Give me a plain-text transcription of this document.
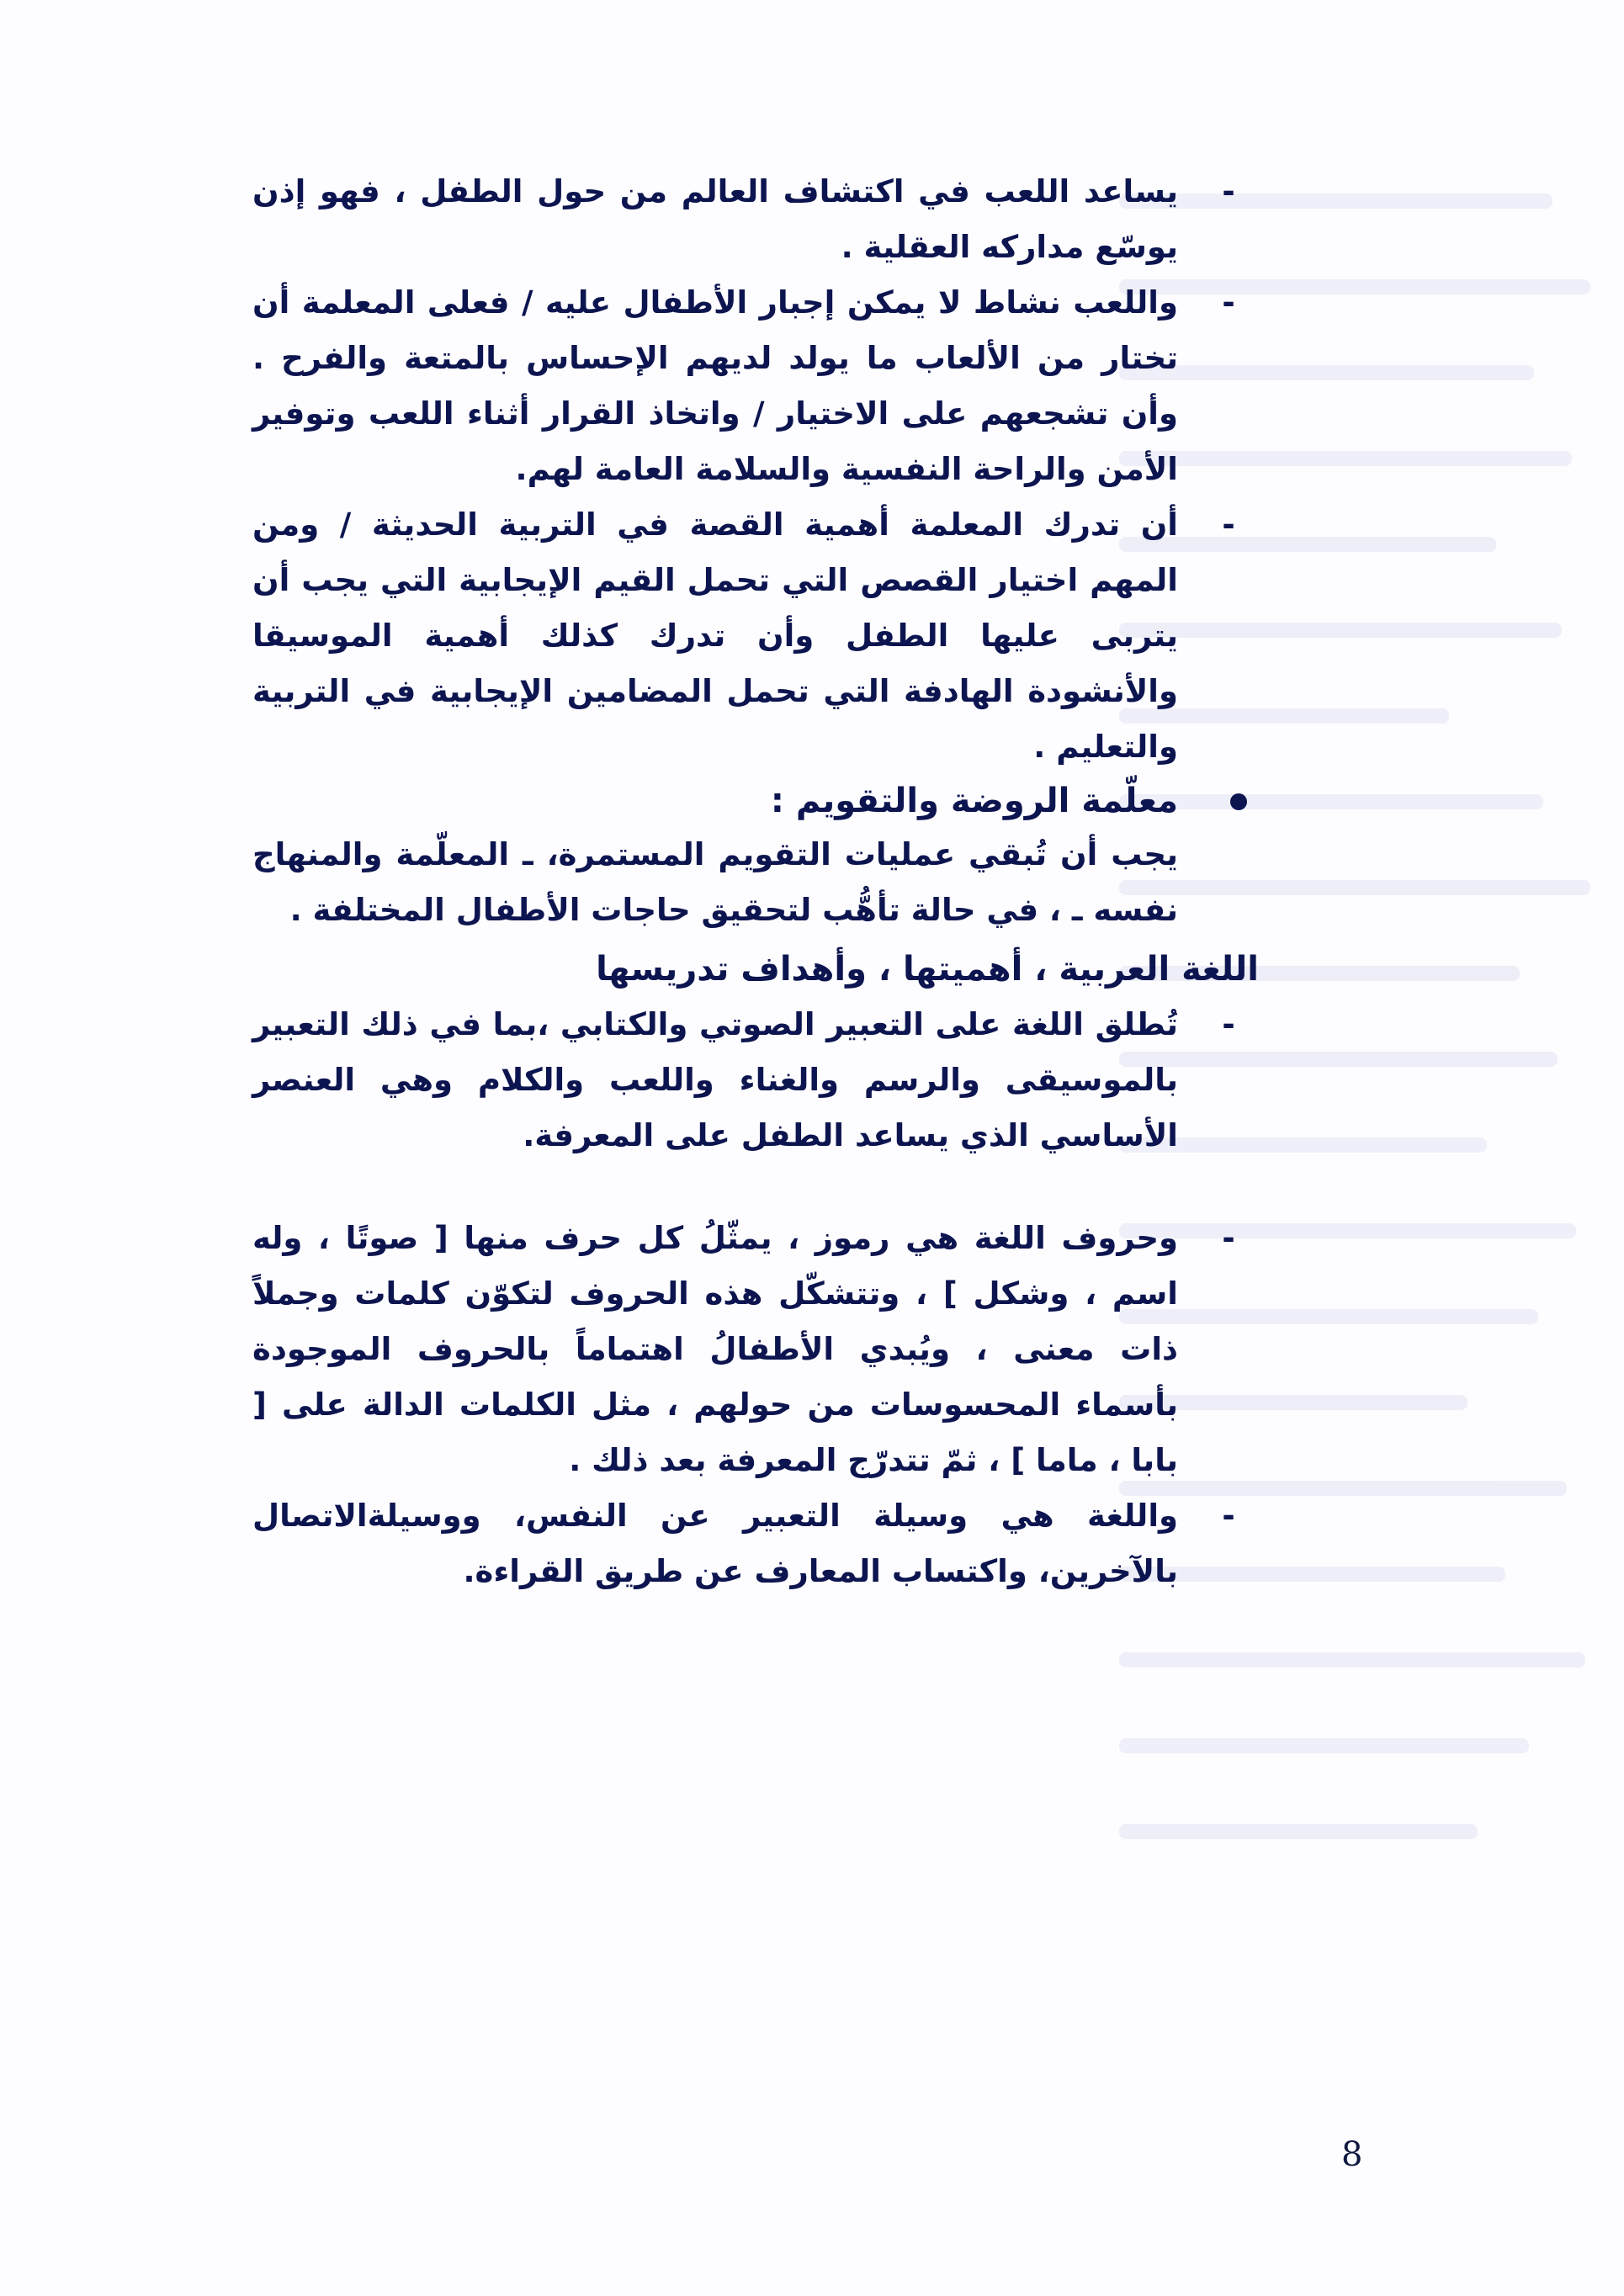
-
يساعد اللعب في اكتشاف العالم من حول الطفل ، فهو إذن يوسّع مداركه العقلية .

-
واللعب نشاط لا يمكن إجبار الأطفال عليه / فعلى المعلمة أن تختار من الألعاب ما يولد لديهم الإحساس بالمتعة والفرح . وأن تشجعهم على الاختيار / واتخاذ القرار أثناء اللعب وتوفير الأمن والراحة النفسية والسلامة العامة لهم.

-
أن تدرك المعلمة أهمية القصة في التربية الحديثة / ومن المهم اختيار القصص التي تحمل القيم الإيجابية التي يجب أن يتربى عليها الطفل وأن تدرك كذلك أهمية الموسيقا والأنشودة الهادفة التي تحمل المضامين الإيجابية في التربية والتعليم .

معلّمة الروضة والتقويم :

يجب أن تُبقي عمليات التقويم المستمرة، ـ المعلّمة والمنهاج نفسه ـ ، في حالة تأهُّب لتحقيق حاجات الأطفال المختلفة .

اللغة العربية ، أهميتها ، وأهداف تدريسها

-
تُطلق اللغة على التعبير الصوتي والكتابي ،بما في ذلك التعبير بالموسيقى والرسم والغناء واللعب والكلام وهي العنصر الأساسي الذي يساعد الطفل على المعرفة.

-
وحروف اللغة هي رموز ، يمثّلُ كل حرف منها [ صوتًا ، وله اسم ، وشكل ] ، وتتشكّل هذه الحروف لتكوّن كلمات وجملاً ذات معنى ، ويُبدي الأطفالُ اهتماماً بالحروف الموجودة بأسماء المحسوسات من حولهم ، مثل الكلمات الدالة على [ بابا ، ماما ] ، ثمّ تتدرّج المعرفة بعد ذلك .

-
واللغة هي وسيلة التعبير عن النفس، ووسيلةالاتصال بالآخرين، واكتساب المعارف عن طريق القراءة.

8
